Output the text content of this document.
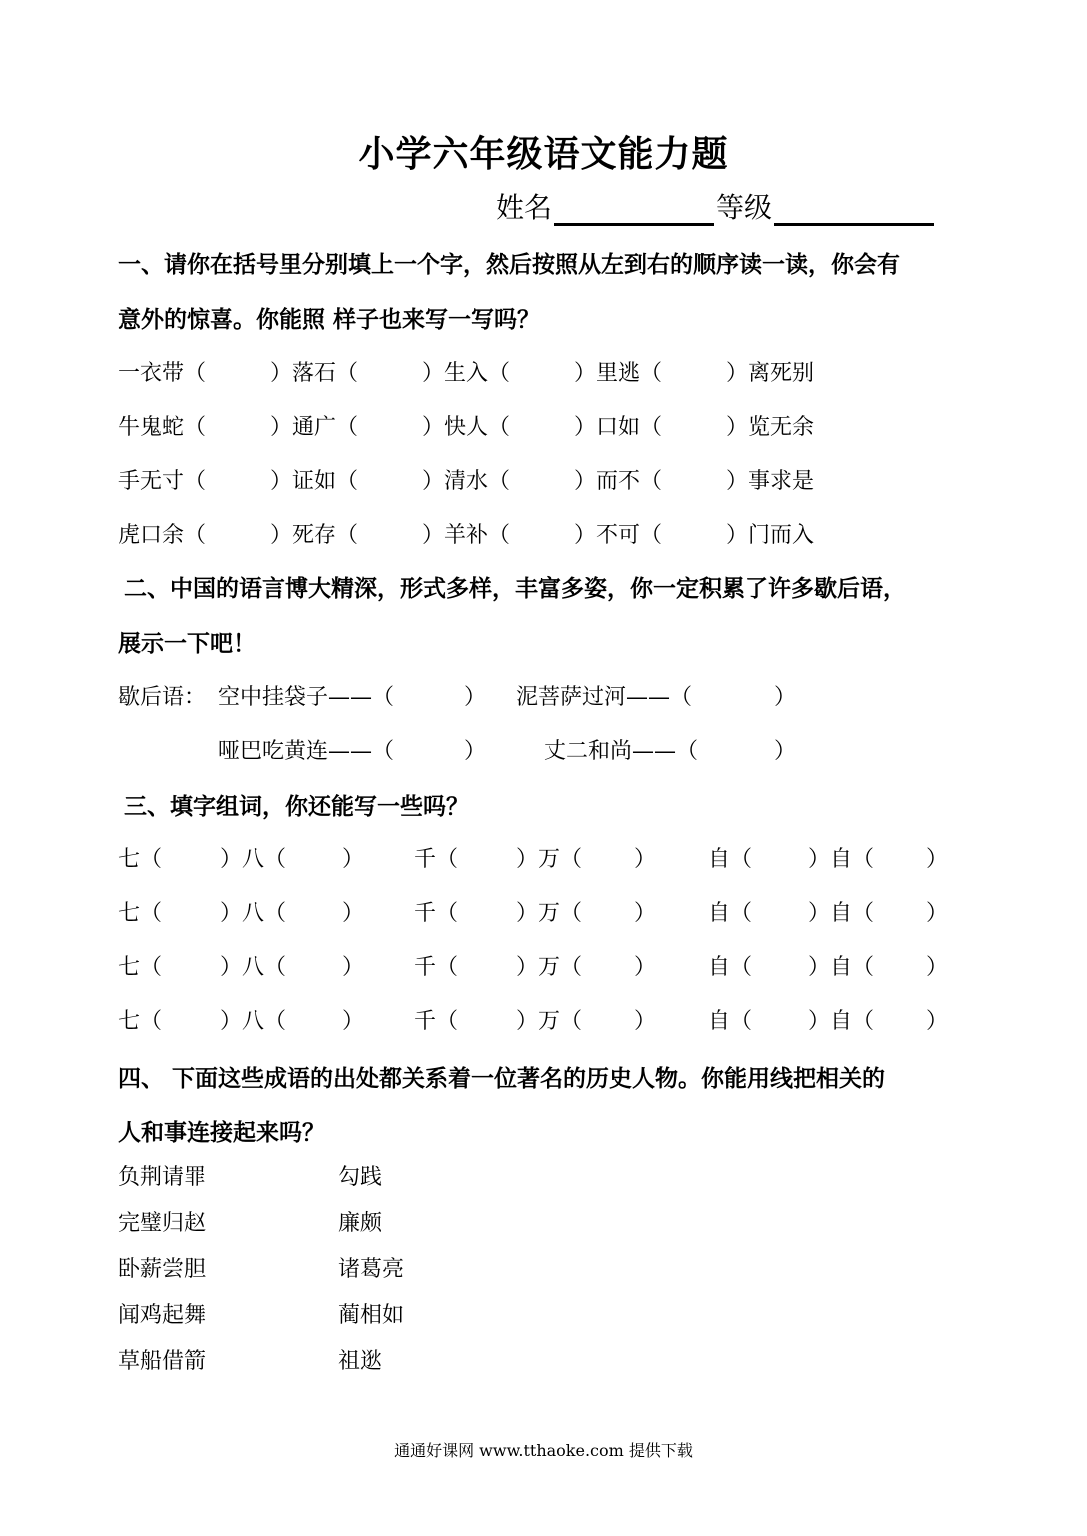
小学六年级语文能力题
姓名	等级
一、请你在括号里分别填上一个字，然后按照从左到右的顺序读一读，你会有
意外的惊喜。你能照 样子也来写一写吗？
一衣带（	）落石（	）生入（	）里逃（	）离死别
牛鬼蛇（	）通广（	）快人（	）口如（	）览无余
手无寸（	）证如（	）清水（	）而不（	）事求是
虎口余（	）死存（	）羊补（	）不可（	）门而入
二、中国的语言博大精深，形式多样，丰富多姿，你一定积累了许多歇后语，
展示一下吧！
歇后语： 空中挂袋子——（	） 泥菩萨过河——（	）
哑巴吃黄连——（	）	丈二和尚——（	）
三、填字组词，你还能写一些吗？
七（	）八（	） 千（	）万（ ） 自（	）自（ ）
七（	）八（	） 千（	）万（ ） 自（	）自（ ）
七（	）八（	） 千（	）万（ ） 自（	）自（ ）
七（	）八（	） 千（	）万（ ） 自（	）自（ ）
四、 下面这些成语的出处都关系着一位著名的历史人物。你能用线把相关的
人和事连接起来吗？
负荆请罪	勾践
完璧归赵	廉颇
卧薪尝胆	诸葛亮
闻鸡起舞	蔺相如
草船借箭	祖逖
通通好课网 www.tthaoke.com 提供下载
